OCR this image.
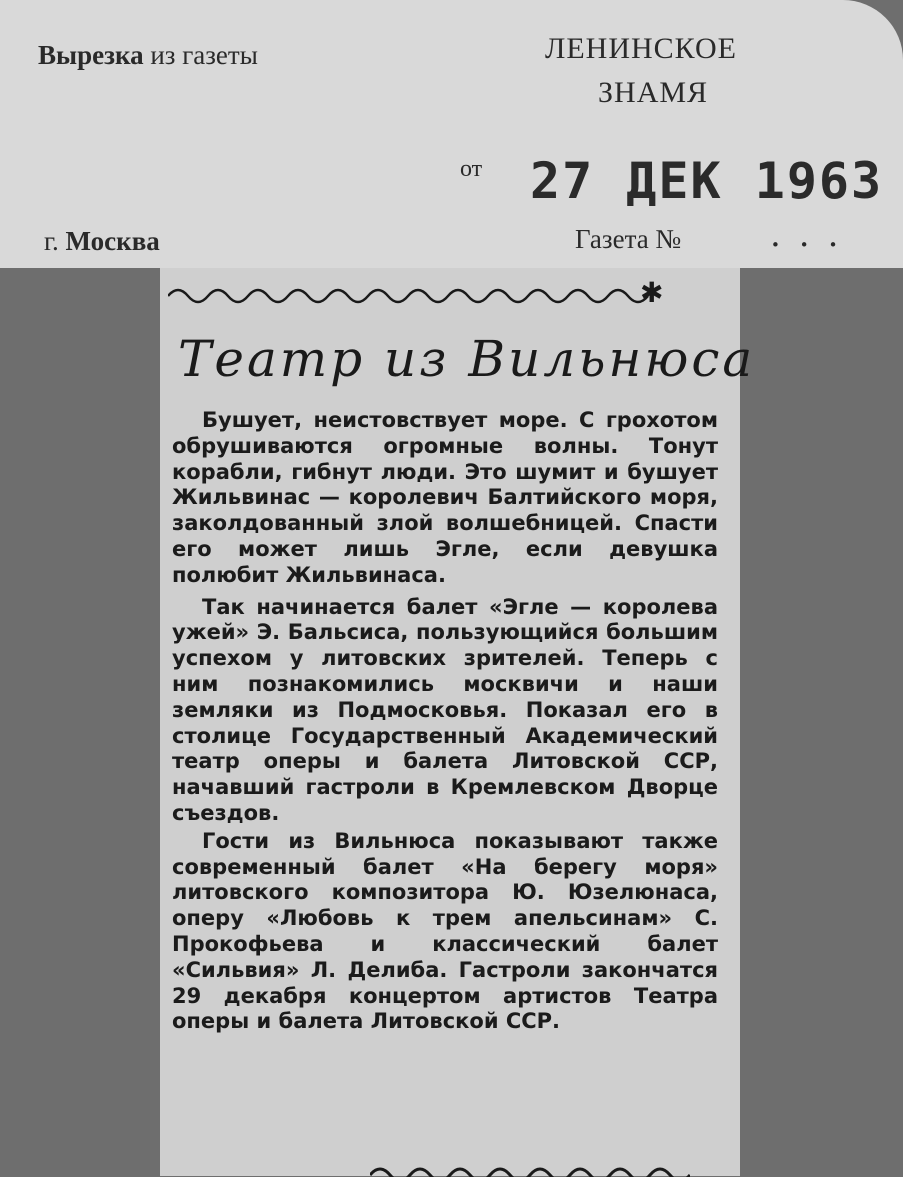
Вырезка из газеты	ЛЕНИНСКОЕ
ЗНАМЯ
от 27 ДЕК 1963
г. Москва	Газета №	...
✱
Театр из Вильнюса

Бушует, неистовствует море. С грохотом обрушиваются огромные волны. Тонут корабли, гибнут люди. Это шумит и бушует Жильвинас — королевич Балтийского моря, заколдованный злой волшебницей. Спасти его может лишь Эгле, если девушка полюбит Жильвинаса.

Так начинается балет «Эгле — королева ужей» Э. Бальсиса, пользующийся большим успехом у литовских зрителей. Теперь с ним познакомились москвичи и наши земляки из Подмосковья. Показал его в столице Государственный Академический театр оперы и балета Литовской ССР, начавший гастроли в Кремлевском Дворце съездов.

Гости из Вильнюса показывают также современный балет «На берегу моря» литовского композитора Ю. Юзелюнаса, оперу «Любовь к трем апельсинам» С. Прокофьева и классический балет «Сильвия» Л. Делиба. Гастроли закончатся 29 декабря концертом артистов Театра оперы и балета Литовской ССР.
